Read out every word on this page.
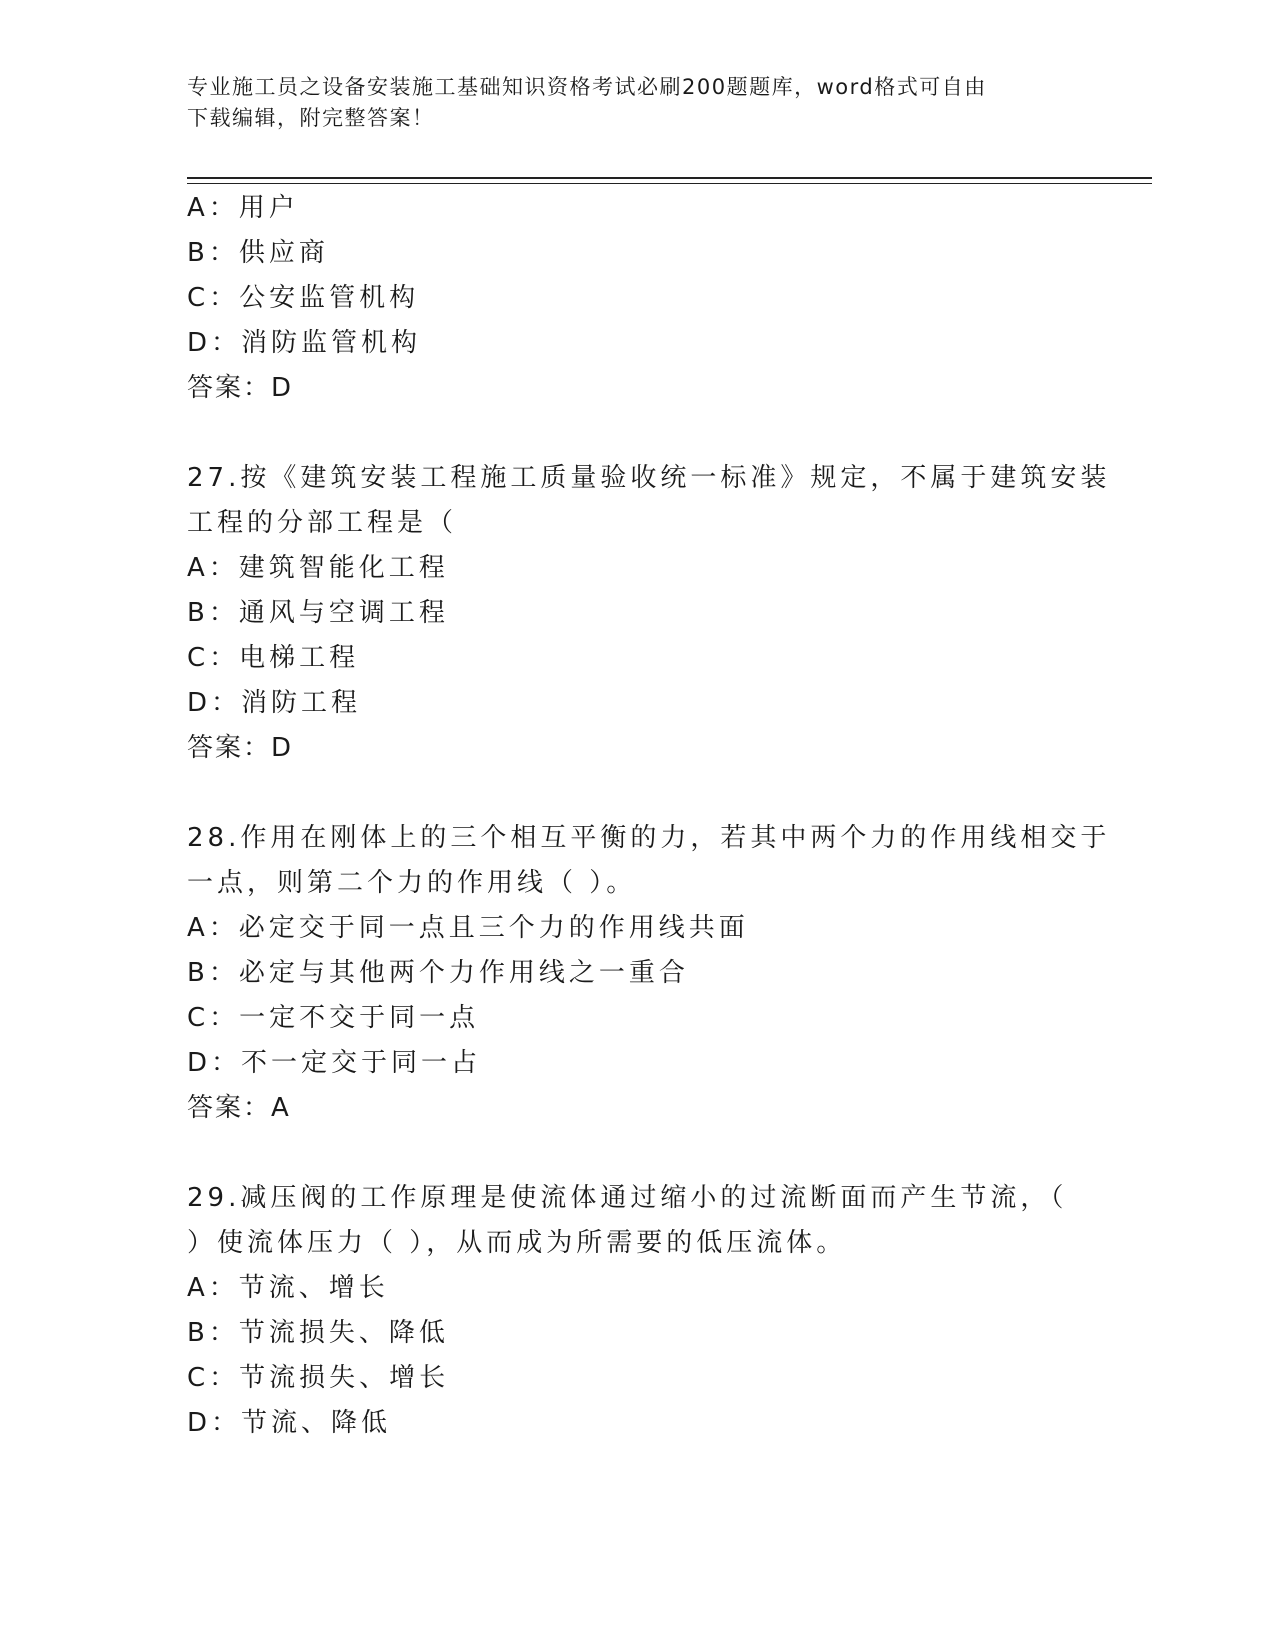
专业施工员之设备安装施工基础知识资格考试必刷200题题库，word格式可自由
下载编辑，附完整答案！
A：用户
B：供应商
C：公安监管机构
D：消防监管机构
答案：D
27.按《建筑安装工程施工质量验收统一标准》规定，不属于建筑安装
工程的分部工程是（
A：建筑智能化工程
B：通风与空调工程
C：电梯工程
D：消防工程
答案：D
28.作用在刚体上的三个相互平衡的力，若其中两个力的作用线相交于
一点，则第二个力的作用线（ ）。
A：必定交于同一点且三个力的作用线共面
B：必定与其他两个力作用线之一重合
C：一定不交于同一点
D：不一定交于同一占
答案：A
29.减压阀的工作原理是使流体通过缩小的过流断面而产生节流，（
）使流体压力（ ），从而成为所需要的低压流体。
A：节流、增长
B：节流损失、降低
C：节流损失、增长
D：节流、降低
